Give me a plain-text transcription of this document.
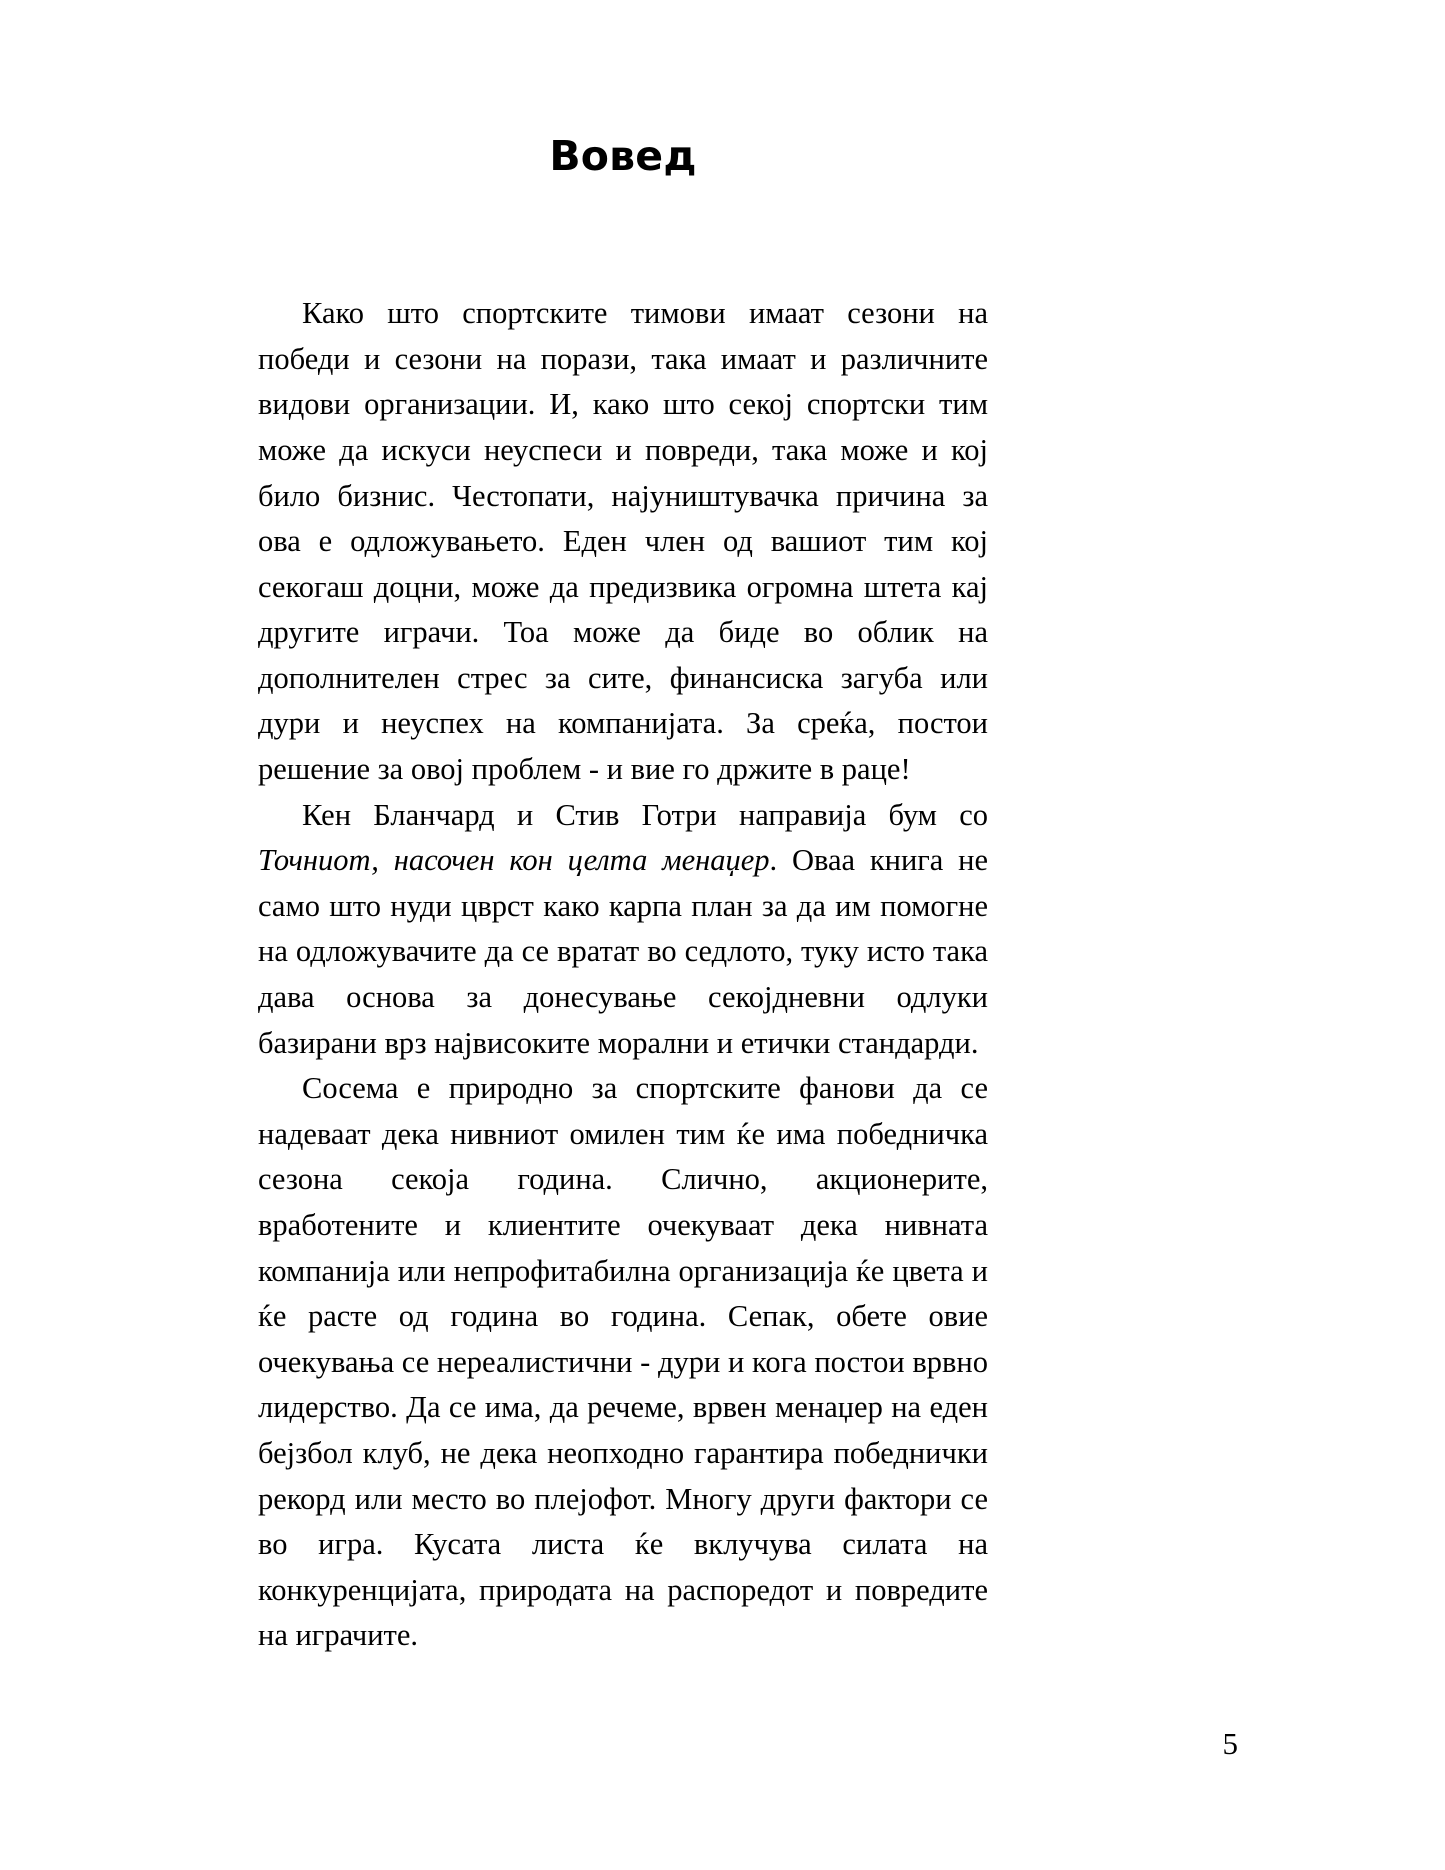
Вовед

Како што спортските тимови имаат сезони на победи и сезони на порази, така имаат и различните видови организации. И, како што секој спортски тим може да искуси неуспеси и повреди, така може и кој било бизнис. Честопати, најуништувачка причина за ова е одложувањето. Еден член од вашиот тим кој секогаш доцни, може да предизвика огромна штета кај другите играчи. Тоа може да биде во облик на дополнителен стрес за сите, финансиска загуба или дури и неуспех на компанијата. За среќа, постои решение за овој проблем - и вие го држите в раце!

Кен Бланчард и Стив Готри направија бум со Точниот, насочен кон целта менаџер. Оваа книга не само што нуди цврст како карпа план за да им помогне на одложувачите да се вратат во седлото, туку исто така дава основа за донесување секојдневни одлуки базирани врз највисоките морални и етички стандарди.

Сосема е природно за спортските фанови да се надеваат дека нивниот омилен тим ќе има победничка сезона секоја година. Слично, акционерите, вработените и клиентите очекуваат дека нивната компанија или непрофитабилна организација ќе цвета и ќе расте од година во година. Сепак, обете овие очекувања се нереалистични - дури и кога постои врвно лидерство. Да се има, да речеме, врвен менаџер на еден бејзбол клуб, не дека неопходно гарантира победнички рекорд или место во плејофот. Многу други фактори се во игра. Кусата листа ќе вклучува силата на конкуренцијата, природата на распоредот и повредите на играчите.

5
